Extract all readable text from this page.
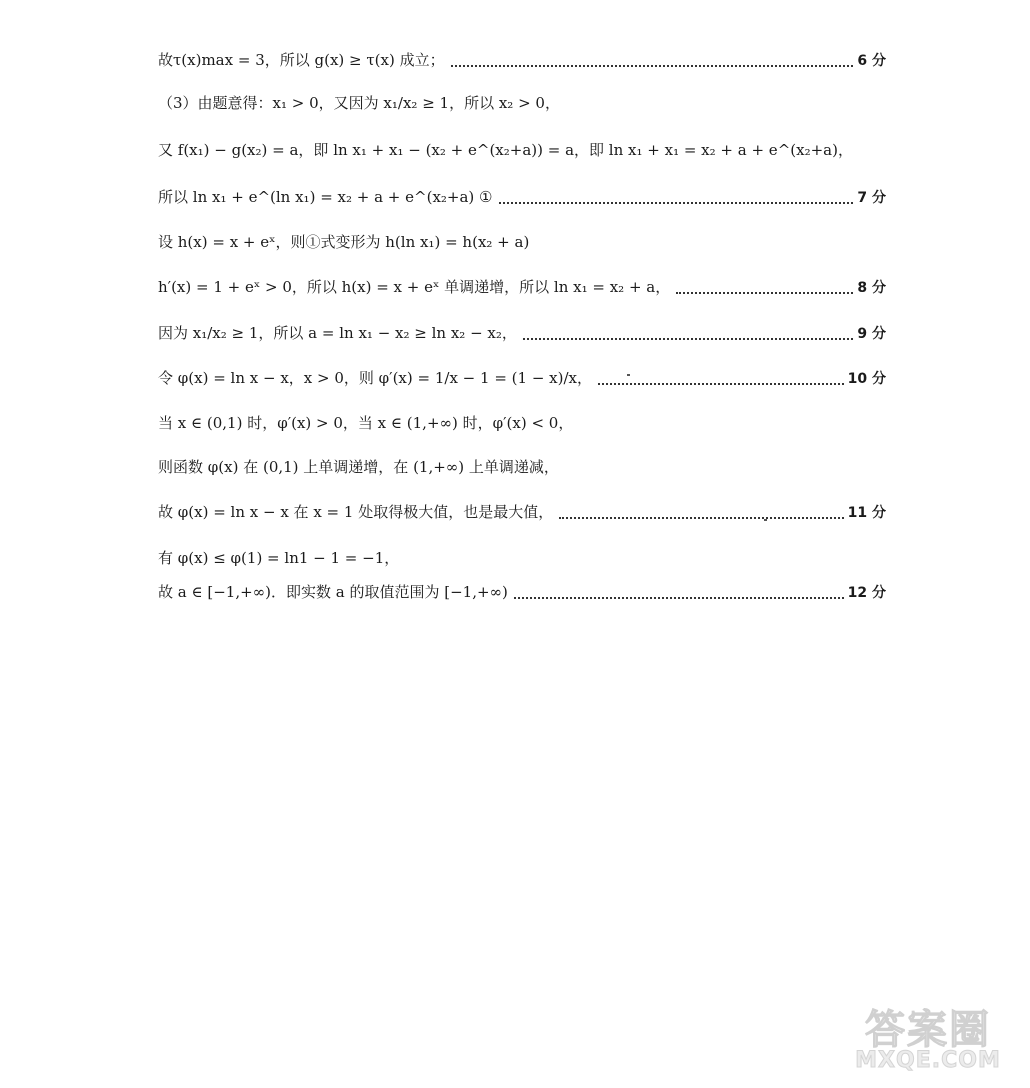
故τ(x)max = 3，所以 g(x) ≥ τ(x) 成立；	6 分
（3）由题意得：x₁ > 0，又因为 x₁/x₂ ≥ 1，所以 x₂ > 0，
又 f(x₁) − g(x₂) = a，即 ln x₁ + x₁ − (x₂ + e^(x₂+a)) = a，即 ln x₁ + x₁ = x₂ + a + e^(x₂+a)，
所以 ln x₁ + e^(ln x₁) = x₂ + a + e^(x₂+a) ①	7 分
设 h(x) = x + eˣ，则①式变形为 h(ln x₁) = h(x₂ + a)
h′(x) = 1 + eˣ > 0，所以 h(x) = x + eˣ 单调递增，所以 ln x₁ = x₂ + a，	8 分
因为 x₁/x₂ ≥ 1，所以 a = ln x₁ − x₂ ≥ ln x₂ − x₂，	9 分
令 φ(x) = ln x − x，x > 0，则 φ′(x) = 1/x − 1 = (1 − x)/x，	10 分
当 x ∈ (0,1) 时，φ′(x) > 0，当 x ∈ (1,+∞) 时，φ′(x) < 0，
则函数 φ(x) 在 (0,1) 上单调递增，在 (1,+∞) 上单调递减，
故 φ(x) = ln x − x 在 x = 1 处取得极大值，也是最大值，	11 分
有 φ(x) ≤ φ(1) = ln1 − 1 = −1，
故 a ∈ [−1,+∞)．即实数 a 的取值范围为 [−1,+∞)	12 分
答案圈
MXQE.COM
